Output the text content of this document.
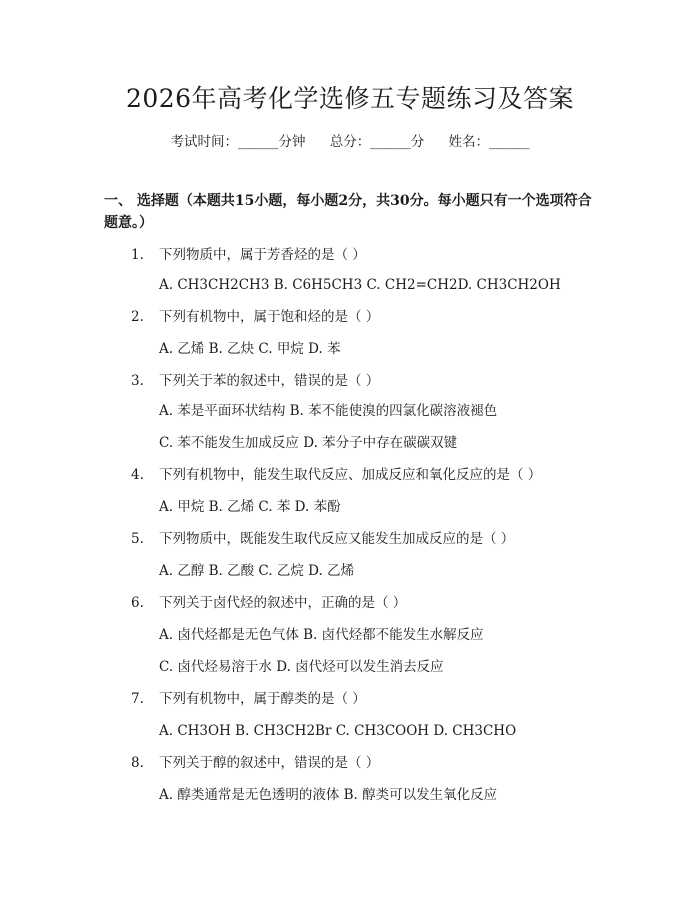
2026年高考化学选修五专题练习及答案
考试时间：______分钟 总分：______分 姓名：______
一、 选择题（本题共15小题，每小题2分，共30分。每小题只有一个选项符合题意。）
1. 下列物质中，属于芳香烃的是（ ）
A. CH3CH2CH3 B. C6H5CH3 C. CH2=CH2D. CH3CH2OH
2. 下列有机物中，属于饱和烃的是（ ）
A. 乙烯 B. 乙炔 C. 甲烷 D. 苯
3. 下列关于苯的叙述中，错误的是（ ）
A. 苯是平面环状结构 B. 苯不能使溴的四氯化碳溶液褪色
C. 苯不能发生加成反应 D. 苯分子中存在碳碳双键
4. 下列有机物中，能发生取代反应、加成反应和氧化反应的是（ ）
A. 甲烷 B. 乙烯 C. 苯 D. 苯酚
5. 下列物质中，既能发生取代反应又能发生加成反应的是（ ）
A. 乙醇 B. 乙酸 C. 乙烷 D. 乙烯
6. 下列关于卤代烃的叙述中，正确的是（ ）
A. 卤代烃都是无色气体 B. 卤代烃都不能发生水解反应
C. 卤代烃易溶于水 D. 卤代烃可以发生消去反应
7. 下列有机物中，属于醇类的是（ ）
A. CH3OH B. CH3CH2Br C. CH3COOH D. CH3CHO
8. 下列关于醇的叙述中，错误的是（ ）
A. 醇类通常是无色透明的液体 B. 醇类可以发生氧化反应
